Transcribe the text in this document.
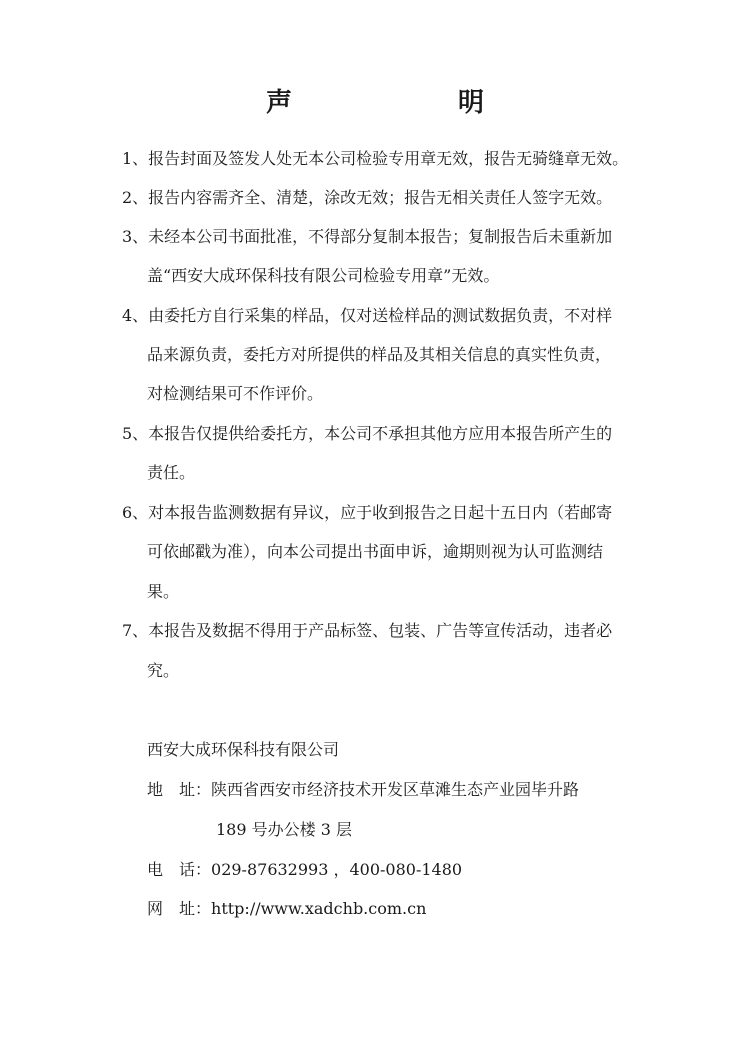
声　明
1、报告封面及签发人处无本公司检验专用章无效，报告无骑缝章无效。
2、报告内容需齐全、清楚，涂改无效；报告无相关责任人签字无效。
3、未经本公司书面批准，不得部分复制本报告；复制报告后未重新加
盖“西安大成环保科技有限公司检验专用章”无效。
4、由委托方自行采集的样品，仅对送检样品的测试数据负责，不对样
品来源负责，委托方对所提供的样品及其相关信息的真实性负责，
对检测结果可不作评价。
5、本报告仅提供给委托方，本公司不承担其他方应用本报告所产生的
责任。
6、对本报告监测数据有异议，应于收到报告之日起十五日内（若邮寄
可依邮戳为准），向本公司提出书面申诉，逾期则视为认可监测结
果。
7、本报告及数据不得用于产品标签、包装、广告等宣传活动，违者必
究。
西安大成环保科技有限公司
地　址：陕西省西安市经济技术开发区草滩生态产业园毕升路
189 号办公楼 3 层
电　话：029-87632993 ，400-080-1480
网　址：http://www.xadchb.com.cn
